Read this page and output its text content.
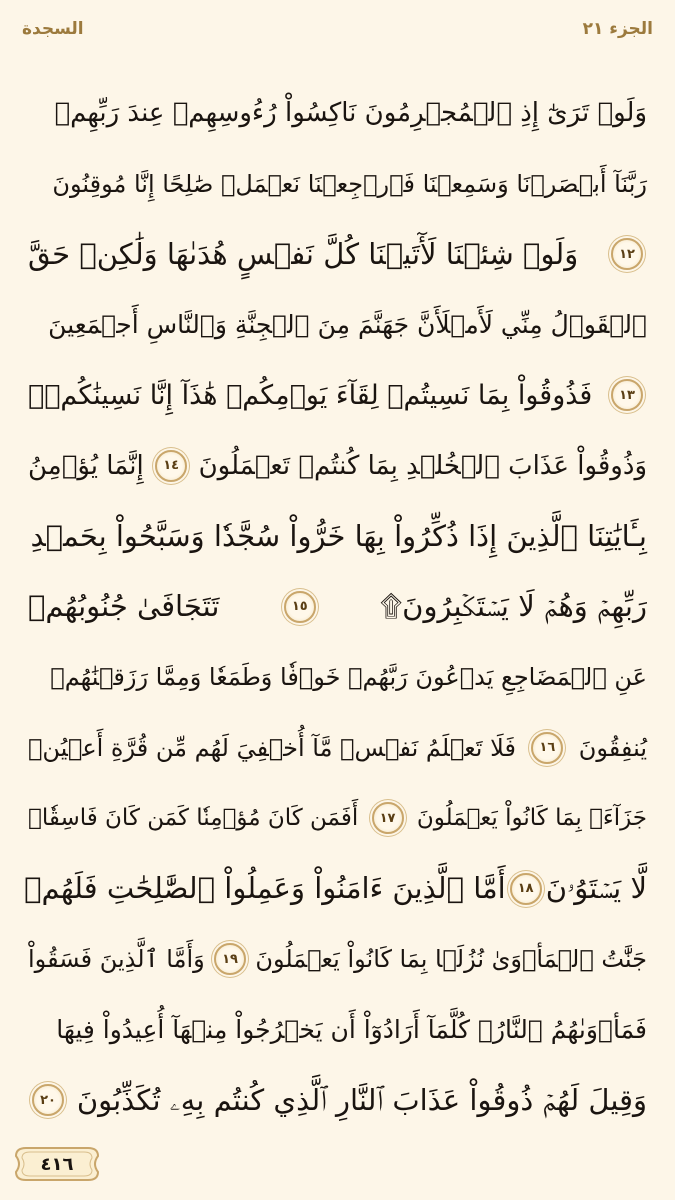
الجزء ٢١
السجدة
وَلَوۡ تَرَىٰٓ إِذِ ٱلۡمُجۡرِمُونَ نَاكِسُواْ رُءُوسِهِمۡ عِندَ رَبِّهِمۡ
رَبَّنَآ أَبۡصَرۡنَا وَسَمِعۡنَا فَٱرۡجِعۡنَا نَعۡمَلۡ صَٰلِحًا إِنَّا مُوقِنُونَ
١٢
وَلَوۡ شِئۡنَا لَأٓتَيۡنَا كُلَّ نَفۡسٍ هُدَىٰهَا وَلَٰكِنۡ حَقَّ
ٱلۡقَوۡلُ مِنِّي لَأَمۡلَأَنَّ جَهَنَّمَ مِنَ ٱلۡجِنَّةِ وَٱلنَّاسِ أَجۡمَعِينَ
١٣
فَذُوقُواْ بِمَا نَسِيتُمۡ لِقَآءَ يَوۡمِكُمۡ هَٰذَآ إِنَّا نَسِينَٰكُمۡۖ
وَذُوقُواْ عَذَابَ ٱلۡخُلۡدِ بِمَا كُنتُمۡ تَعۡمَلُونَ
١٤
إِنَّمَا يُؤۡمِنُ
بِـَٔايَٰتِنَا ٱلَّذِينَ إِذَا ذُكِّرُواْ بِهَا خَرُّواْ سُجَّدٗا وَسَبَّحُواْ بِحَمۡدِ
رَبِّهِمۡ وَهُمۡ لَا يَسۡتَكۡبِرُونَ۩
١٥
تَتَجَافَىٰ جُنُوبُهُمۡ
عَنِ ٱلۡمَضَاجِعِ يَدۡعُونَ رَبَّهُمۡ خَوۡفٗا وَطَمَعٗا وَمِمَّا رَزَقۡنَٰهُمۡ
يُنفِقُونَ
١٦
فَلَا تَعۡلَمُ نَفۡسٞ مَّآ أُخۡفِيَ لَهُم مِّن قُرَّةِ أَعۡيُنٖ
جَزَآءَۢ بِمَا كَانُواْ يَعۡمَلُونَ
١٧
أَفَمَن كَانَ مُؤۡمِنٗا كَمَن كَانَ فَاسِقٗاۚ
لَّا يَسۡتَوُۥنَ
١٨
أَمَّا ٱلَّذِينَ ءَامَنُواْ وَعَمِلُواْ ٱلصَّٰلِحَٰتِ فَلَهُمۡ
جَنَّٰتُ ٱلۡمَأۡوَىٰ نُزُلَۢا بِمَا كَانُواْ يَعۡمَلُونَ
١٩
وَأَمَّا ٱلَّذِينَ فَسَقُواْ
فَمَأۡوَىٰهُمُ ٱلنَّارُۖ كُلَّمَآ أَرَادُوٓاْ أَن يَخۡرُجُواْ مِنۡهَآ أُعِيدُواْ فِيهَا
وَقِيلَ لَهُمۡ ذُوقُواْ عَذَابَ ٱلنَّارِ ٱلَّذِي كُنتُم بِهِۦ تُكَذِّبُونَ
٢٠
٤١٦
